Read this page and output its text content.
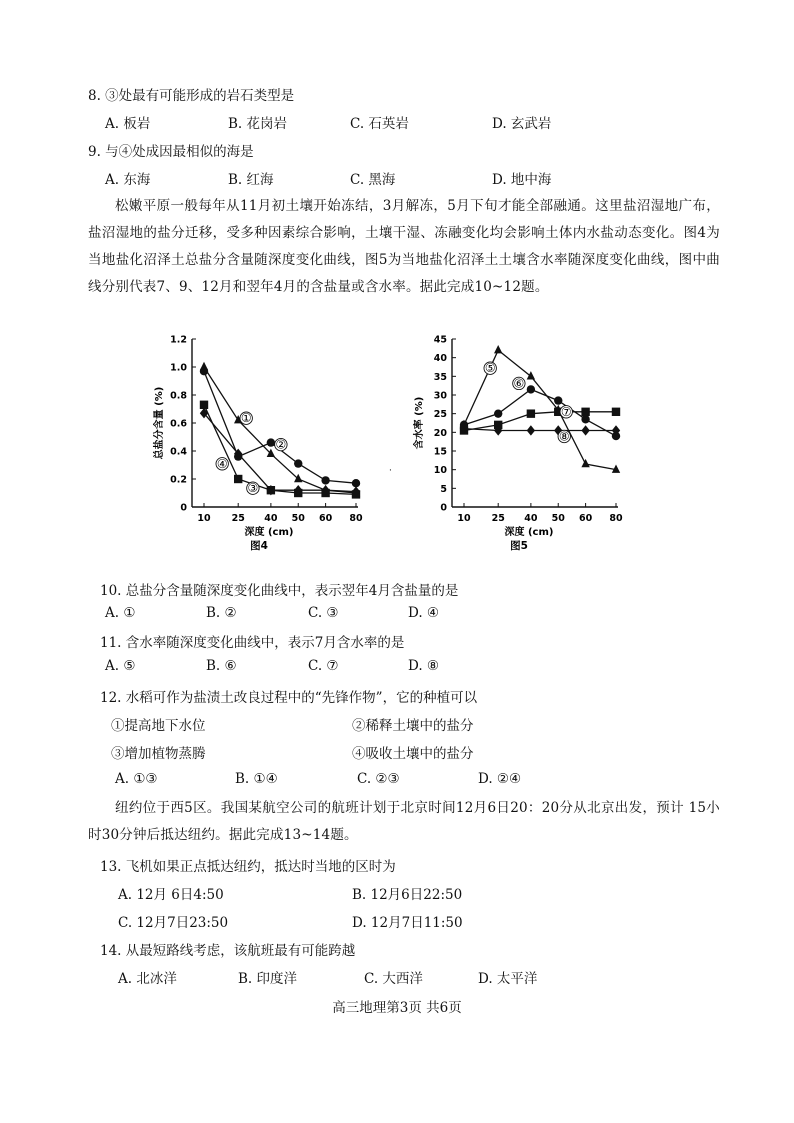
8. ③处最有可能形成的岩石类型是
A. 板岩	B. 花岗岩	C. 石英岩	D. 玄武岩
9. 与④处成因最相似的海是
A. 东海	B. 红海	C. 黑海	D. 地中海
松嫩平原一般每年从11月初土壤开始冻结，3月解冻，5月下旬才能全部融通。这里盐沼湿地广布，盐沼湿地的盐分迁移，受多种因素综合影响，土壤干湿、冻融变化均会影响土体内水盐动态变化。图4为当地盐化沼泽土总盐分含量随深度变化曲线，图5为当地盐化沼泽土土壤含水率随深度变化曲线，图中曲线分别代表7、9、12月和翌年4月的含盐量或含水率。据此完成10~12题。
0
0.2
0.4
0.6
0.8
1.0
1.2
10 25 40 50 60 80
深度 (cm)
图4
总盐分含量 (%)	①
②
③
④
0
5
10
15
20
25
30
35
40
45
10 25 40 50 60 80
深度 (cm)
图5
含水率 (%)
⑤
⑥
⑦
⑧
·
10. 总盐分含量随深度变化曲线中，表示翌年4月含盐量的是
A. ①	B. ②	C. ③	D. ④
11. 含水率随深度变化曲线中，表示7月含水率的是
A. ⑤	B. ⑥	C. ⑦	D. ⑧
12. 水稻可作为盐渍土改良过程中的“先锋作物”，它的种植可以
①提高地下水位	②稀释土壤中的盐分
③增加植物蒸腾	④吸收土壤中的盐分
A. ①③	B. ①④	C. ②③	D. ②④
纽约位于西5区。我国某航空公司的航班计划于北京时间12月6日20：20分从北京出发，预计 15小时30分钟后抵达纽约。据此完成13~14题。
13. 飞机如果正点抵达纽约，抵达时当地的区时为
A. 12月 6日4:50	B. 12月6日22:50
C. 12月7日23:50	D. 12月7日11:50
14. 从最短路线考虑，该航班最有可能跨越
A. 北冰洋	B. 印度洋	C. 大西洋	D. 太平洋
高三地理第3页 共6页
